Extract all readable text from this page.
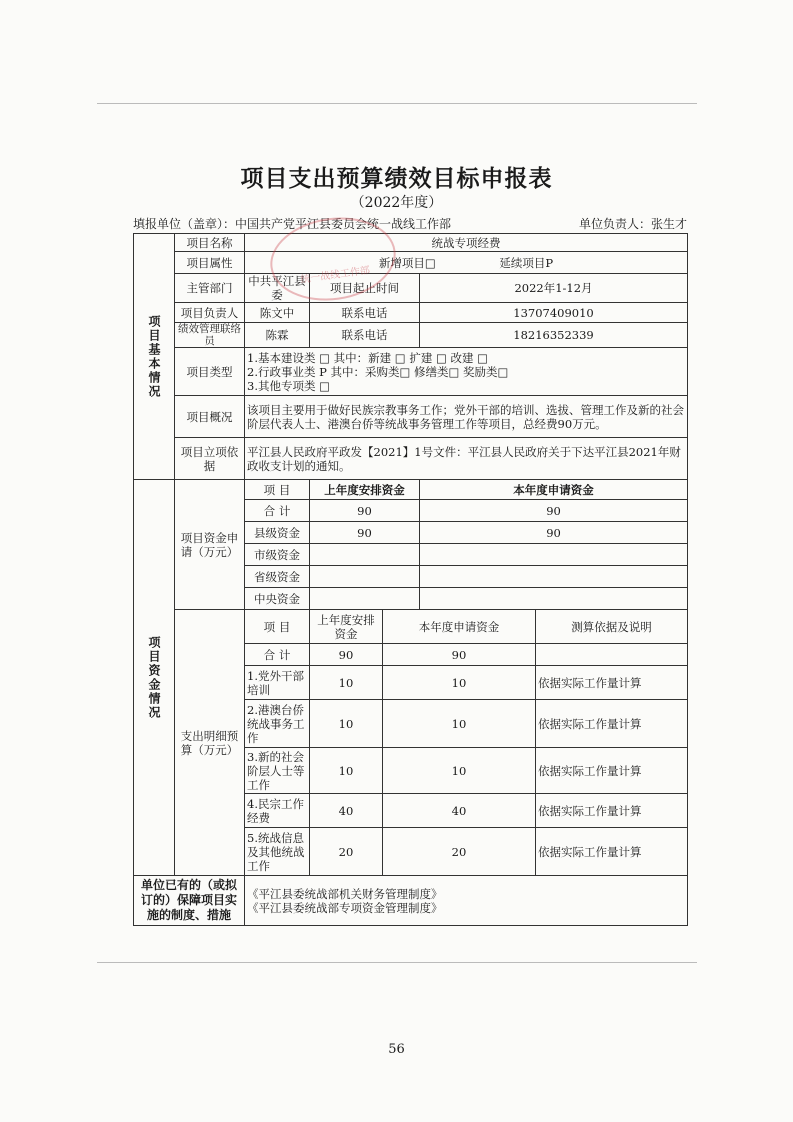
项目支出预算绩效目标申报表
（2022年度）
填报单位（盖章）：中国共产党平江县委员会统一战线工作部	单位负责人：张生才
项目基本情况	项目名称	统战专项经费				
	项目属性	新增项目□ 延续项目P				
	主管部门	中共平江县委	项目起止时间		2022年1-12月	
	项目负责人	陈文中	联系电话		13707409010	
	绩效管理联络员	陈霖	联系电话		18216352339	
	项目类型	1.基本建设类 □ 其中：新建 □ 扩建 □ 改建 □
2.行政事业类 P 其中：采购类□ 修缮类□ 奖励类□
3.其他专项类 □				

	项目概况	该项目主要用于做好民族宗教事务工作；党外干部的培训、选拔、管理工作及新的社会阶层代表人士、港澳台侨等统战事务管理工作等项目，总经费90万元。				
	项目立项依据	平江县人民政府平政发【2021】1号文件：平江县人民政府关于下达平江县2021年财政收支计划的通知。				
项目资金情况	项目资金申请（万元）	项 目	上年度安排资金		本年度申请资金	
		合 计	90		90	
		县级资金	90		90	
		市级资金				
		省级资金				
		中央资金				
	支出明细预算（万元）	项 目	上年度安排资金	本年度申请资金		测算依据及说明
		合 计	90	90		
		1.党外干部培训	10	10		依据实际工作量计算
		2.港澳台侨统战事务工作	10	10		依据实际工作量计算
		3.新的社会阶层人士等工作	10	10		依据实际工作量计算
		4.民宗工作经费	40	40		依据实际工作量计算
		5.统战信息及其他统战工作	20	20		依据实际工作量计算
单位已有的（或拟订的）保障项目实施的制度、措施		《平江县委统战部机关财务管理制度》
《平江县委统战部专项资金管理制度》				
统一战线工作部
56
